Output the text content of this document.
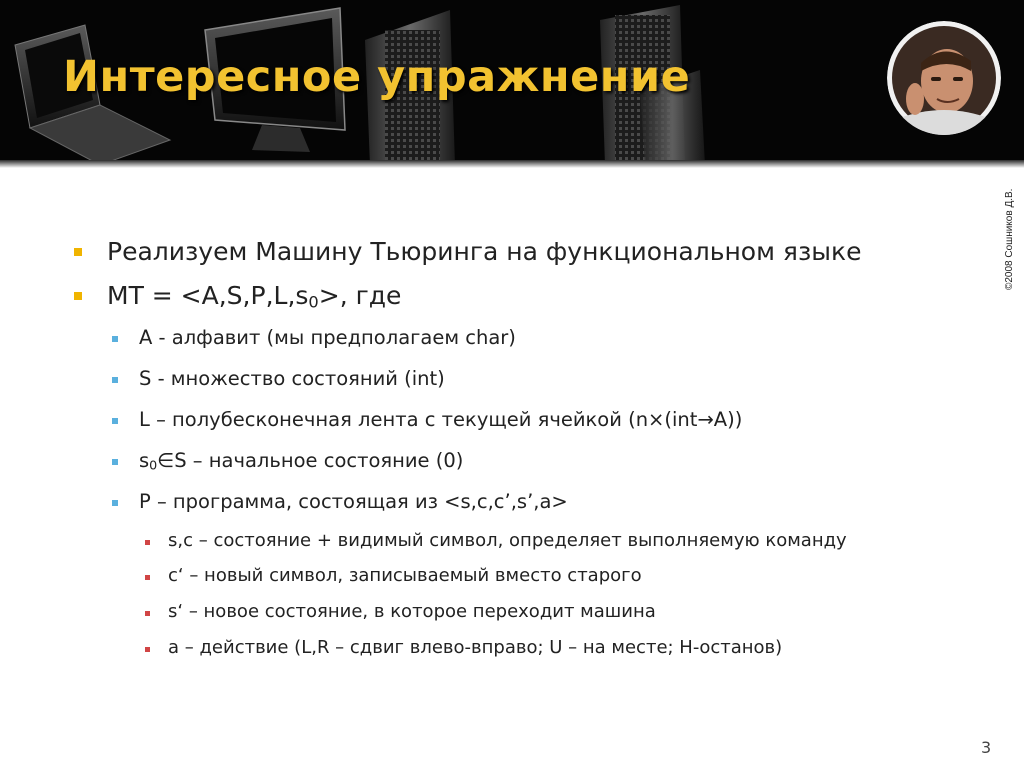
Интересное упражнение
©2008 Сошников Д.В.
Реализуем Машину Тьюринга на функциональном языке
МТ = $<A,S,P,L,s_0>$, где
A - алфавит (мы предполагаем char)
S - множество состояний (int)
L – полубесконечная лента с текущей ячейкой (n×(int→A))
$s_0\in S$ – начальное состояние (0)
P – программа, состоящая из <s,c,c’,s’,a>
s,c – состояние + видимый символ, определяет выполняемую команду
c‘ – новый символ, записываемый вместо старого
s‘ – новое состояние, в которое переходит машина
a – действие (L,R – сдвиг влево-вправо; U – на месте; H-останов)
3
